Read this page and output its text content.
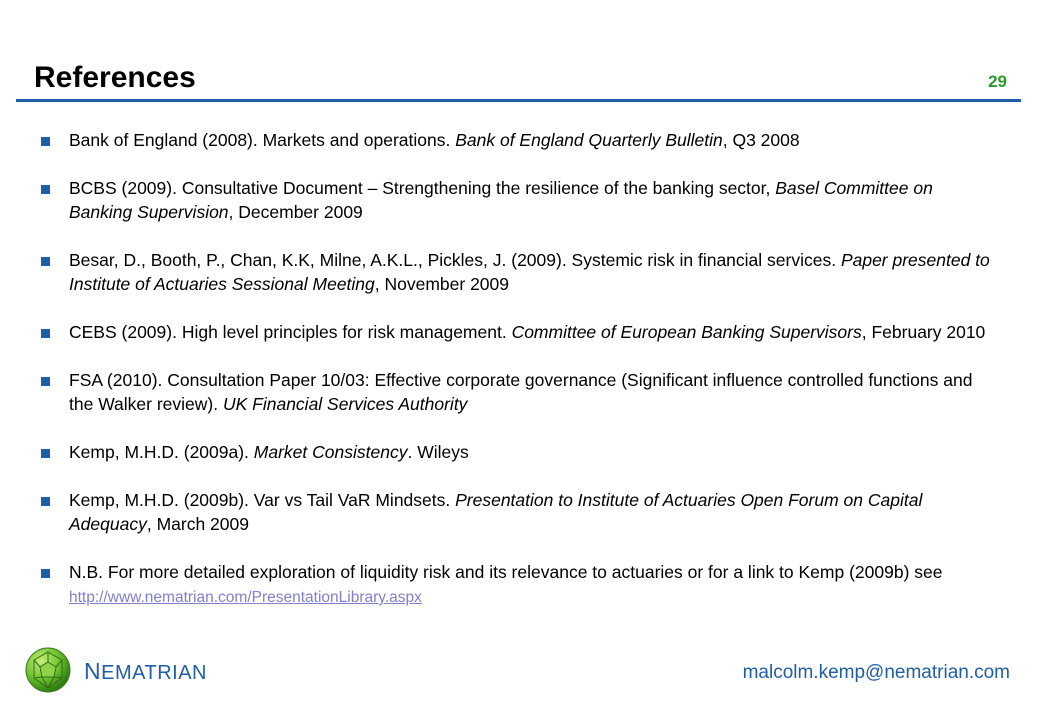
References	29
Bank of England (2008). Markets and operations. Bank of England Quarterly Bulletin, Q3 2008
BCBS (2009). Consultative Document – Strengthening the resilience of the banking sector, Basel Committee on Banking Supervision, December 2009
Besar, D., Booth, P., Chan, K.K, Milne, A.K.L., Pickles, J. (2009). Systemic risk in financial services. Paper presented to Institute of Actuaries Sessional Meeting, November 2009
CEBS (2009). High level principles for risk management. Committee of European Banking Supervisors, February 2010
FSA (2010). Consultation Paper 10/03: Effective corporate governance (Significant influence controlled functions and the Walker review). UK Financial Services Authority
Kemp, M.H.D. (2009a). Market Consistency. Wileys
Kemp, M.H.D. (2009b). Var vs Tail VaR Mindsets. Presentation to Institute of Actuaries Open Forum on Capital Adequacy, March 2009
N.B. For more detailed exploration of liquidity risk and its relevance to actuaries or for a link to Kemp (2009b) see http://www.nematrian.com/PresentationLibrary.aspx
NEMATRIAN	malcolm.kemp@nematrian.com
